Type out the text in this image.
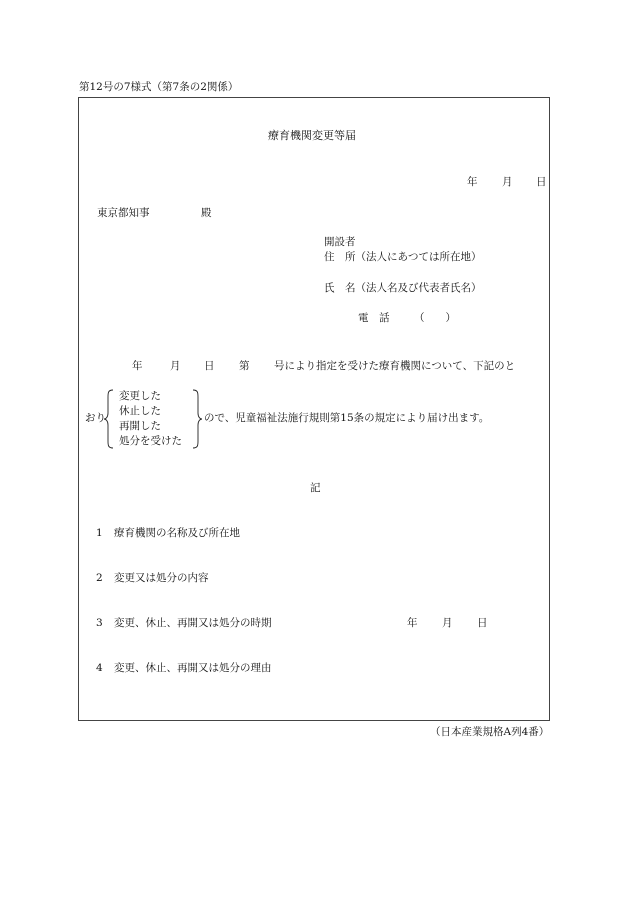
第12号の7様式（第7条の2関係）
療育機関変更等届
年 月 日
東京都知事	殿
開設者
住　所（法人にあつては所在地）
氏　名（法人名及び代表者氏名）
電　話 （　　）
年	月 日 第 号により指定を受けた療育機関について、下記のと
おり
変更した
休止した
再開した
処分を受けた
ので、児童福祉法施行規則第15条の規定により届け出ます。
記
1 療育機関の名称及び所在地
2 変更又は処分の内容
3 変更、休止、再開又は処分の時期	年 月 日
4 変更、休止、再開又は処分の理由
（日本産業規格A列4番）
